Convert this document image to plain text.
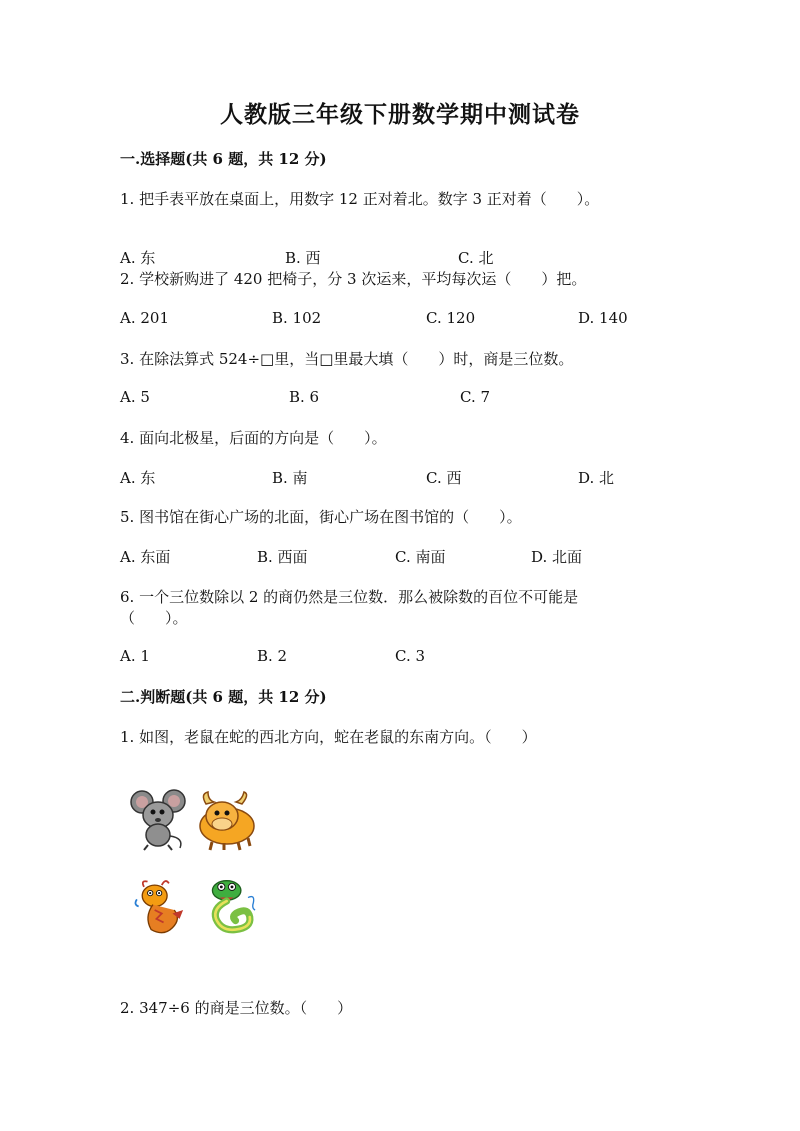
人教版三年级下册数学期中测试卷
一.选择题(共 6 题，共 12 分)
1. 把手表平放在桌面上，用数字 12 正对着北。数字 3 正对着（　　）。
A. 东	B. 西	C. 北
2. 学校新购进了 420 把椅子，分 3 次运来，平均每次运（　　）把。
A. 201	B. 102	C. 120	D. 140
3. 在除法算式 524÷□里，当□里最大填（　　）时，商是三位数。
A. 5	B. 6	C. 7
4. 面向北极星，后面的方向是（　　）。
A. 东	B. 南	C. 西	D. 北
5. 图书馆在街心广场的北面，街心广场在图书馆的（　　）。
A. 东面	B. 西面	C. 南面	D. 北面
6. 一个三位数除以 2 的商仍然是三位数．那么被除数的百位不可能是
（　　）。
A. 1	B. 2	C. 3
二.判断题(共 6 题，共 12 分)
1. 如图，老鼠在蛇的西北方向，蛇在老鼠的东南方向。（　　）
2. 347÷6 的商是三位数。（　　）
